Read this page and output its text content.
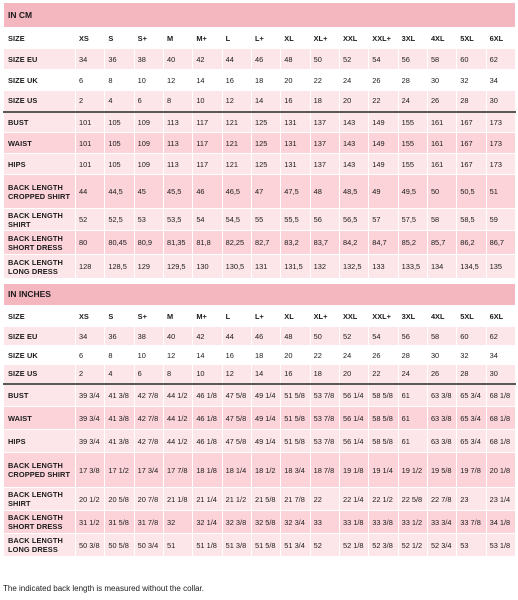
IN CM															
SIZE	XS	S	S+	M	M+	L	L+	XL	XL+	XXL	XXL+	3XL	4XL	5XL	6XL
SIZE EU	34	36	38	40	42	44	46	48	50	52	54	56	58	60	62
SIZE UK	6	8	10	12	14	16	18	20	22	24	26	28	30	32	34
SIZE US	2	4	6	8	10	12	14	16	18	20	22	24	26	28	30
BUST	101	105	109	113	117	121	125	131	137	143	149	155	161	167	173
WAIST	101	105	109	113	117	121	125	131	137	143	149	155	161	167	173
HIPS	101	105	109	113	117	121	125	131	137	143	149	155	161	167	173
BACK LENGTH CROPPED SHIRT	44	44,5	45	45,5	46	46,5	47	47,5	48	48,5	49	49,5	50	50,5	51
BACK LENGTH SHIRT	52	52,5	53	53,5	54	54,5	55	55,5	56	56,5	57	57,5	58	58,5	59
BACK LENGTH SHORT DRESS	80	80,45	80,9	81,35	81,8	82,25	82,7	83,2	83,7	84,2	84,7	85,2	85,7	86,2	86,7
BACK LENGTH LONG DRESS	128	128,5	129	129,5	130	130,5	131	131,5	132	132,5	133	133,5	134	134,5	135
IN INCHES															
SIZE	XS	S	S+	M	M+	L	L+	XL	XL+	XXL	XXL+	3XL	4XL	5XL	6XL
SIZE EU	34	36	38	40	42	44	46	48	50	52	54	56	58	60	62
SIZE UK	6	8	10	12	14	16	18	20	22	24	26	28	30	32	34
SIZE US	2	4	6	8	10	12	14	16	18	20	22	24	26	28	30
BUST	39 3/4	41 3/8	42 7/8	44 1/2	46 1/8	47 5/8	49 1/4	51 5/8	53 7/8	56 1/4	58 5/8	61	63 3/8	65 3/4	68 1/8
WAIST	39 3/4	41 3/8	42 7/8	44 1/2	46 1/8	47 5/8	49 1/4	51 5/8	53 7/8	56 1/4	58 5/8	61	63 3/8	65 3/4	68 1/8
HIPS	39 3/4	41 3/8	42 7/8	44 1/2	46 1/8	47 5/8	49 1/4	51 5/8	53 7/8	56 1/4	58 5/8	61	63 3/8	65 3/4	68 1/8
BACK LENGTH CROPPED SHIRT	17 3/8	17 1/2	17 3/4	17 7/8	18 1/8	18 1/4	18 1/2	18 3/4	18 7/8	19 1/8	19 1/4	19 1/2	19 5/8	19 7/8	20 1/8
BACK LENGTH SHIRT	20 1/2	20 5/8	20 7/8	21 1/8	21 1/4	21 1/2	21 5/8	21 7/8	22	22 1/4	22 1/2	22 5/8	22 7/8	23	23 1/4
BACK LENGTH SHORT DRESS	31 1/2	31 5/8	31 7/8	32	32 1/4	32 3/8	32 5/8	32 3/4	33	33 1/8	33 3/8	33 1/2	33 3/4	33 7/8	34 1/8
BACK LENGTH LONG DRESS	50 3/8	50 5/8	50 3/4	51	51 1/8	51 3/8	51 5/8	51 3/4	52	52 1/8	52 3/8	52 1/2	52 3/4	53	53 1/8
The indicated back length is measured without the collar.
